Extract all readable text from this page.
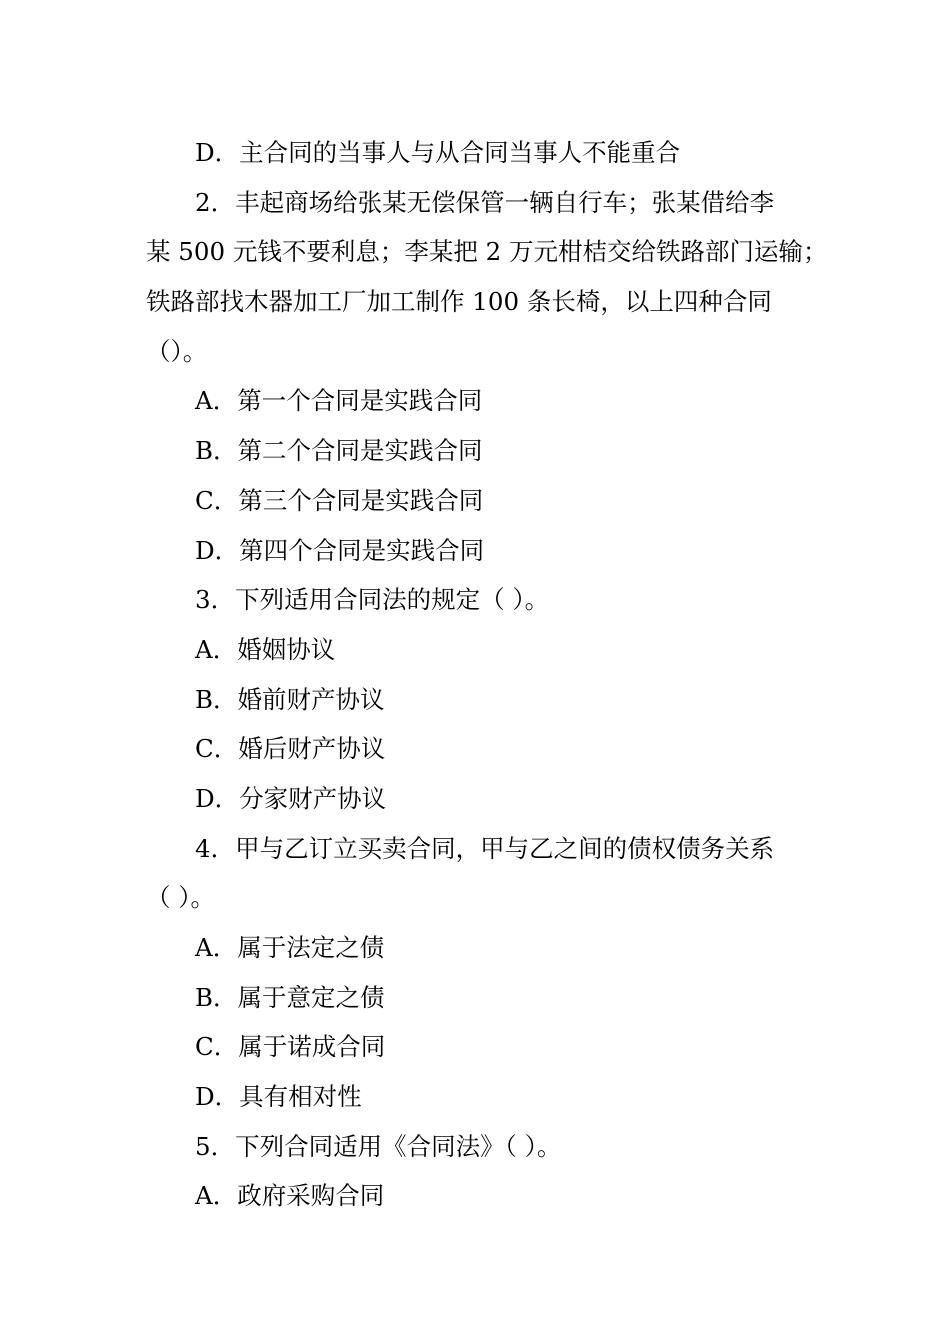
D．主合同的当事人与从合同当事人不能重合
2．丰起商场给张某无偿保管一辆自行车；张某借给李
某 500 元钱不要利息；李某把 2 万元柑桔交给铁路部门运输；
铁路部找木器加工厂加工制作 100 条长椅，以上四种合同
（）。
A．第一个合同是实践合同
B．第二个合同是实践合同
C．第三个合同是实践合同
D．第四个合同是实践合同
3．下列适用合同法的规定（ ）。
A．婚姻协议
B．婚前财产协议
C．婚后财产协议
D．分家财产协议
4．甲与乙订立买卖合同，甲与乙之间的债权债务关系
（ ）。
A．属于法定之债
B．属于意定之债
C．属于诺成合同
D．具有相对性
5．下列合同适用《合同法》（ ）。
A．政府采购合同
